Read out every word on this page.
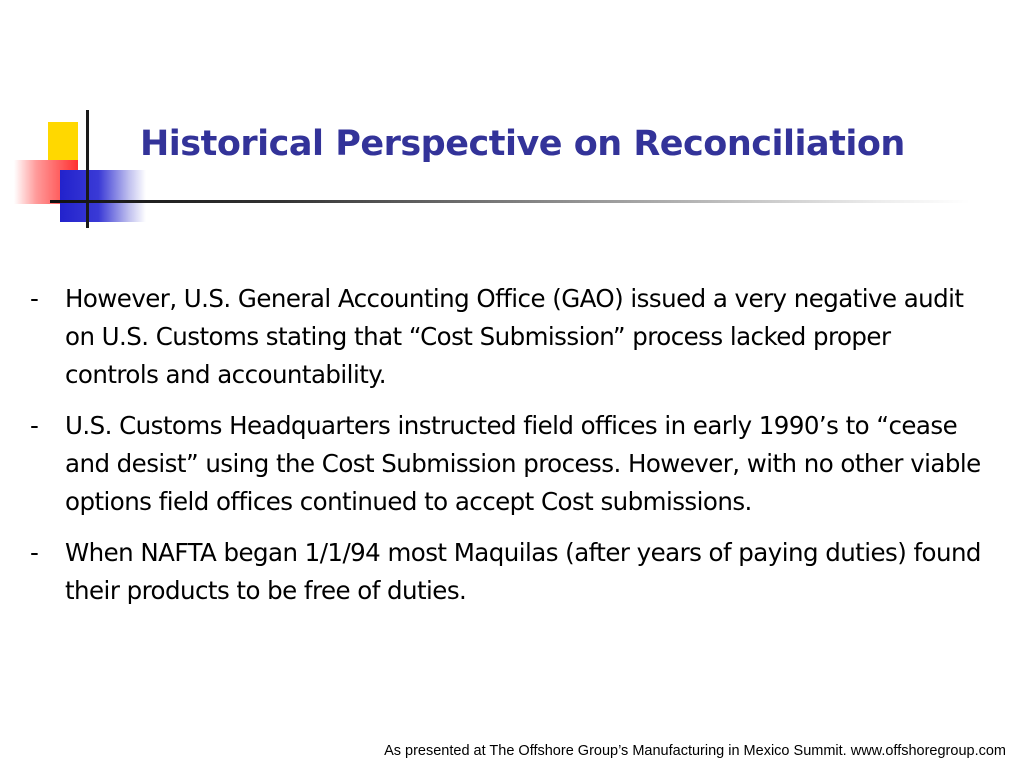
Historical Perspective on Reconciliation
- However, U.S. General Accounting Office (GAO) issued a very negative audit on U.S. Customs stating that “Cost Submission” process lacked proper controls and accountability.
- U.S. Customs Headquarters instructed field offices in early 1990’s to “cease and desist” using the Cost Submission process. However, with no other viable options field offices continued to accept Cost submissions.
- When NAFTA began 1/1/94 most Maquilas (after years of paying duties) found their products to be free of duties.
As presented at The Offshore Group’s Manufacturing in Mexico Summit. www.offshoregroup.com
